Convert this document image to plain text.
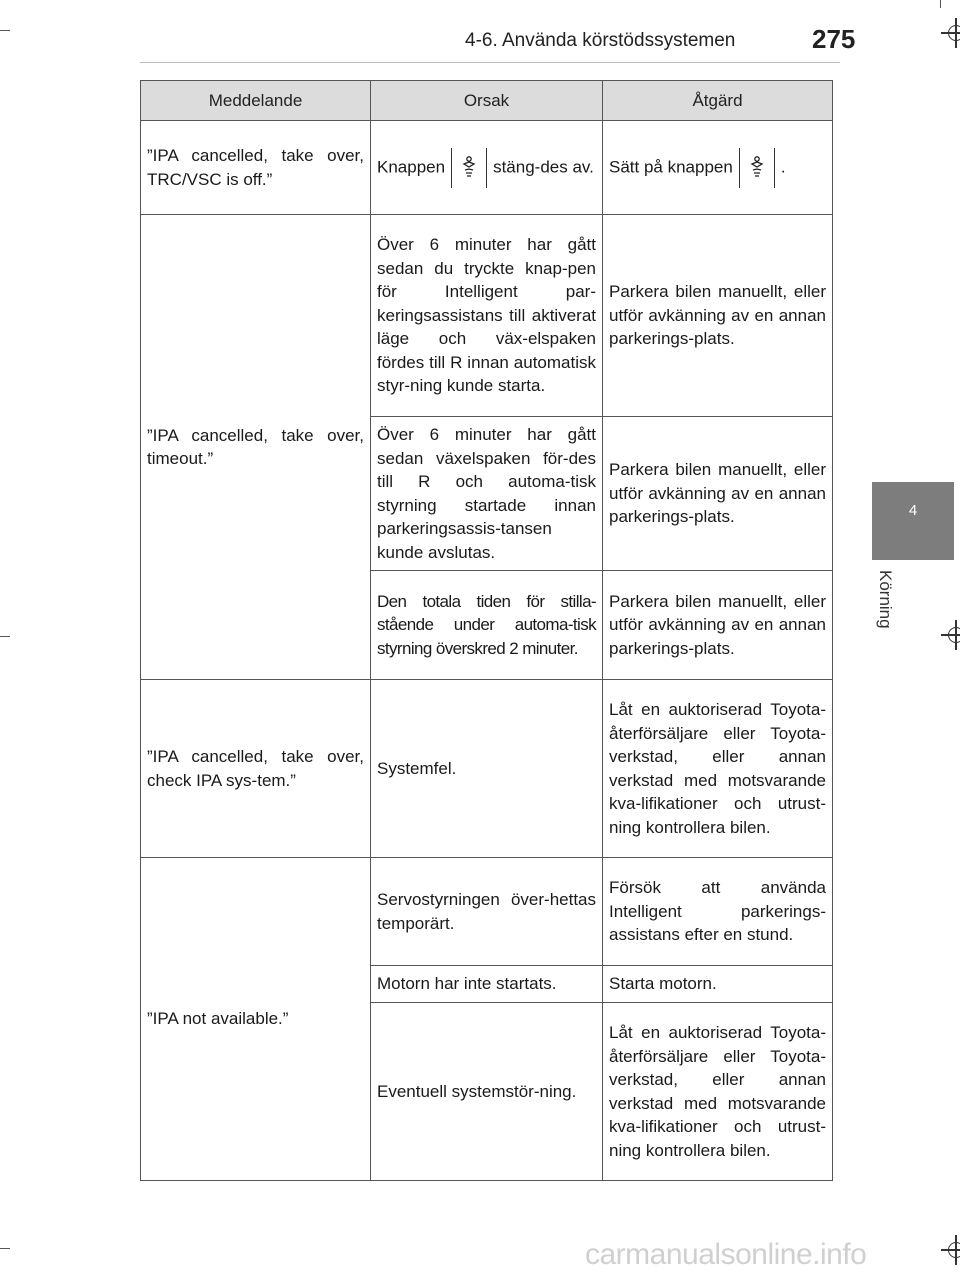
4-6. Använda körstödssystemen	275
4
Körning
Meddelande	Orsak	Åtgärd
”IPA cancelled, take over, TRC/VSC is off.”	Knappen stäng-des av.	Sätt på knappen .
”IPA cancelled, take over, timeout.”	Över 6 minuter har gått sedan du tryckte knap-pen för Intelligent par-keringsassistans till aktiverat läge och väx-elspaken fördes till R innan automatisk styr-ning kunde starta.	Parkera bilen manuellt, eller utför avkänning av en annan parkerings-plats.
	Över 6 minuter har gått sedan växelspaken för-des till R och automa-tisk styrning startade innan parkeringsassis-tansen kunde avslutas.	Parkera bilen manuellt, eller utför avkänning av en annan parkerings-plats.
	Den totala tiden för stilla-stående under automa-tisk styrning överskred 2 minuter.	Parkera bilen manuellt, eller utför avkänning av en annan parkerings-plats.
”IPA cancelled, take over, check IPA sys-tem.”	Systemfel.	Låt en auktoriserad Toyota-återförsäljare eller Toyota-verkstad, eller annan verkstad med motsvarande kva-lifikationer och utrust-ning kontrollera bilen.
”IPA not available.”	Servostyrningen över-hettas temporärt.	Försök att använda Intelligent parkerings-assistans efter en stund.
	Motorn har inte startats.	Starta motorn.
	Eventuell systemstör-ning.	Låt en auktoriserad Toyota-återförsäljare eller Toyota-verkstad, eller annan verkstad med motsvarande kva-lifikationer och utrust-ning kontrollera bilen.
carmanualsonline.info
